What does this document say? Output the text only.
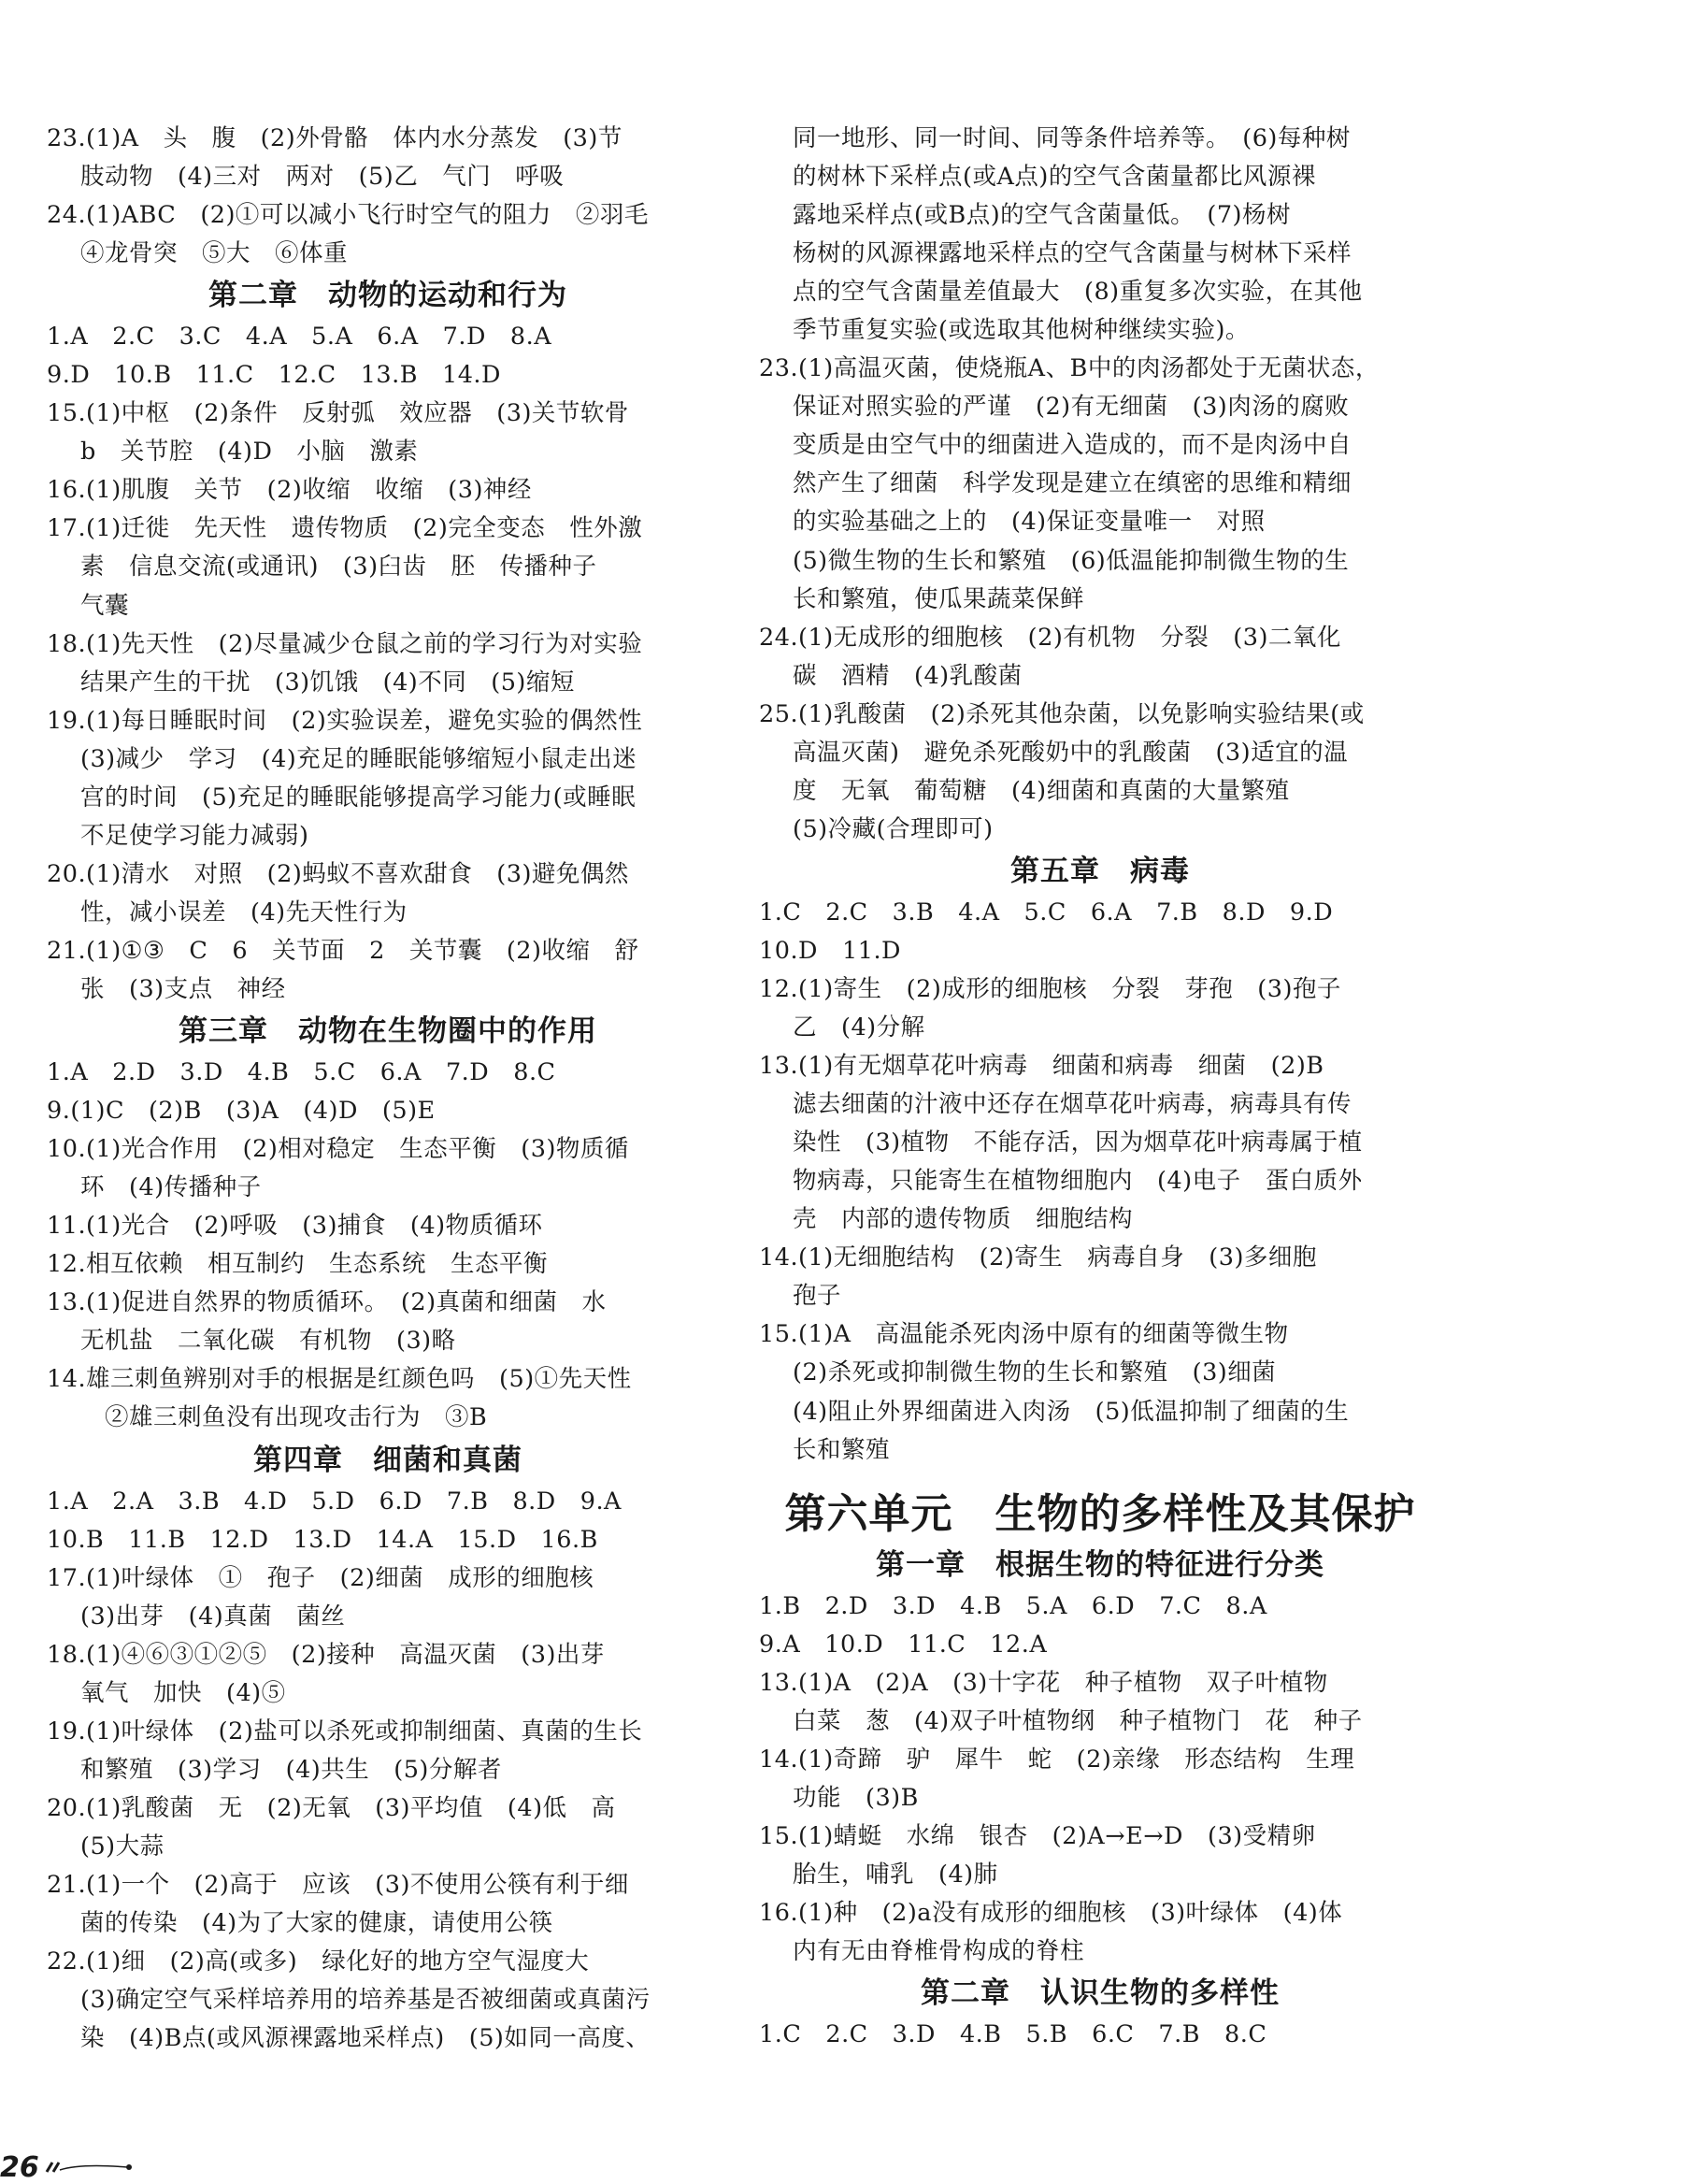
23.(1)A　头　腹　(2)外骨骼　体内水分蒸发　(3)节
肢动物　(4)三对　两对　(5)乙　气门　呼吸
24.(1)ABC　(2)①可以减小飞行时空气的阻力　②羽毛
④龙骨突　⑤大　⑥体重
第二章　动物的运动和行为
1.A　2.C　3.C　4.A　5.A　6.A　7.D　8.A
9.D　10.B　11.C　12.C　13.B　14.D
15.(1)中枢　(2)条件　反射弧　效应器　(3)关节软骨
b　关节腔　(4)D　小脑　激素
16.(1)肌腹　关节　(2)收缩　收缩　(3)神经
17.(1)迁徙　先天性　遗传物质　(2)完全变态　性外激
素　信息交流(或通讯)　(3)臼齿　胚　传播种子
气囊
18.(1)先天性　(2)尽量减少仓鼠之前的学习行为对实验
结果产生的干扰　(3)饥饿　(4)不同　(5)缩短
19.(1)每日睡眠时间　(2)实验误差，避免实验的偶然性
(3)减少　学习　(4)充足的睡眠能够缩短小鼠走出迷
宫的时间　(5)充足的睡眠能够提高学习能力(或睡眠
不足使学习能力减弱)
20.(1)清水　对照　(2)蚂蚁不喜欢甜食　(3)避免偶然
性，减小误差　(4)先天性行为
21.(1)①③　C　6　关节面　2　关节囊　(2)收缩　舒
张　(3)支点　神经
第三章　动物在生物圈中的作用
1.A　2.D　3.D　4.B　5.C　6.A　7.D　8.C
9.(1)C　(2)B　(3)A　(4)D　(5)E
10.(1)光合作用　(2)相对稳定　生态平衡　(3)物质循
环　(4)传播种子
11.(1)光合　(2)呼吸　(3)捕食　(4)物质循环
12.相互依赖　相互制约　生态系统　生态平衡
13.(1)促进自然界的物质循环。　(2)真菌和细菌　水
无机盐　二氧化碳　有机物　(3)略
14.雄三刺鱼辨别对手的根据是红颜色吗　(5)①先天性
　②雄三刺鱼没有出现攻击行为　③B
第四章　细菌和真菌
1.A　2.A　3.B　4.D　5.D　6.D　7.B　8.D　9.A
10.B　11.B　12.D　13.D　14.A　15.D　16.B
17.(1)叶绿体　①　孢子　(2)细菌　成形的细胞核
(3)出芽　(4)真菌　菌丝
18.(1)④⑥③①②⑤　(2)接种　高温灭菌　(3)出芽
氧气　加快　(4)⑤
19.(1)叶绿体　(2)盐可以杀死或抑制细菌、真菌的生长
和繁殖　(3)学习　(4)共生　(5)分解者
20.(1)乳酸菌　无　(2)无氧　(3)平均值　(4)低　高
(5)大蒜
21.(1)一个　(2)高于　应该　(3)不使用公筷有利于细
菌的传染　(4)为了大家的健康，请使用公筷
22.(1)细　(2)高(或多)　绿化好的地方空气湿度大
(3)确定空气采样培养用的培养基是否被细菌或真菌污
染　(4)B点(或风源裸露地采样点)　(5)如同一高度、
同一地形、同一时间、同等条件培养等。　(6)每种树
的树林下采样点(或A点)的空气含菌量都比风源裸
露地采样点(或B点)的空气含菌量低。　(7)杨树
杨树的风源裸露地采样点的空气含菌量与树林下采样
点的空气含菌量差值最大　(8)重复多次实验，在其他
季节重复实验(或选取其他树种继续实验)。
23.(1)高温灭菌，使烧瓶A、B中的肉汤都处于无菌状态，
保证对照实验的严谨　(2)有无细菌　(3)肉汤的腐败
变质是由空气中的细菌进入造成的，而不是肉汤中自
然产生了细菌　科学发现是建立在缜密的思维和精细
的实验基础之上的　(4)保证变量唯一　对照
(5)微生物的生长和繁殖　(6)低温能抑制微生物的生
长和繁殖，使瓜果蔬菜保鲜
24.(1)无成形的细胞核　(2)有机物　分裂　(3)二氧化
碳　酒精　(4)乳酸菌
25.(1)乳酸菌　(2)杀死其他杂菌，以免影响实验结果(或
高温灭菌)　避免杀死酸奶中的乳酸菌　(3)适宜的温
度　无氧　葡萄糖　(4)细菌和真菌的大量繁殖
(5)冷藏(合理即可)
第五章　病毒
1.C　2.C　3.B　4.A　5.C　6.A　7.B　8.D　9.D
10.D　11.D
12.(1)寄生　(2)成形的细胞核　分裂　芽孢　(3)孢子
乙　(4)分解
13.(1)有无烟草花叶病毒　细菌和病毒　细菌　(2)B
滤去细菌的汁液中还存在烟草花叶病毒，病毒具有传
染性　(3)植物　不能存活，因为烟草花叶病毒属于植
物病毒，只能寄生在植物细胞内　(4)电子　蛋白质外
壳　内部的遗传物质　细胞结构
14.(1)无细胞结构　(2)寄生　病毒自身　(3)多细胞
孢子
15.(1)A　高温能杀死肉汤中原有的细菌等微生物
(2)杀死或抑制微生物的生长和繁殖　(3)细菌
(4)阻止外界细菌进入肉汤　(5)低温抑制了细菌的生
长和繁殖
第六单元　生物的多样性及其保护
第一章　根据生物的特征进行分类
1.B　2.D　3.D　4.B　5.A　6.D　7.C　8.A
9.A　10.D　11.C　12.A
13.(1)A　(2)A　(3)十字花　种子植物　双子叶植物
白菜　葱　(4)双子叶植物纲　种子植物门　花　种子
14.(1)奇蹄　驴　犀牛　蛇　(2)亲缘　形态结构　生理
功能　(3)B
15.(1)蜻蜓　水绵　银杏　(2)A→E→D　(3)受精卵
胎生，哺乳　(4)肺
16.(1)种　(2)a没有成形的细胞核　(3)叶绿体　(4)体
内有无由脊椎骨构成的脊柱
第二章　认识生物的多样性
1.C　2.C　3.D　4.B　5.B　6.C　7.B　8.C
26
